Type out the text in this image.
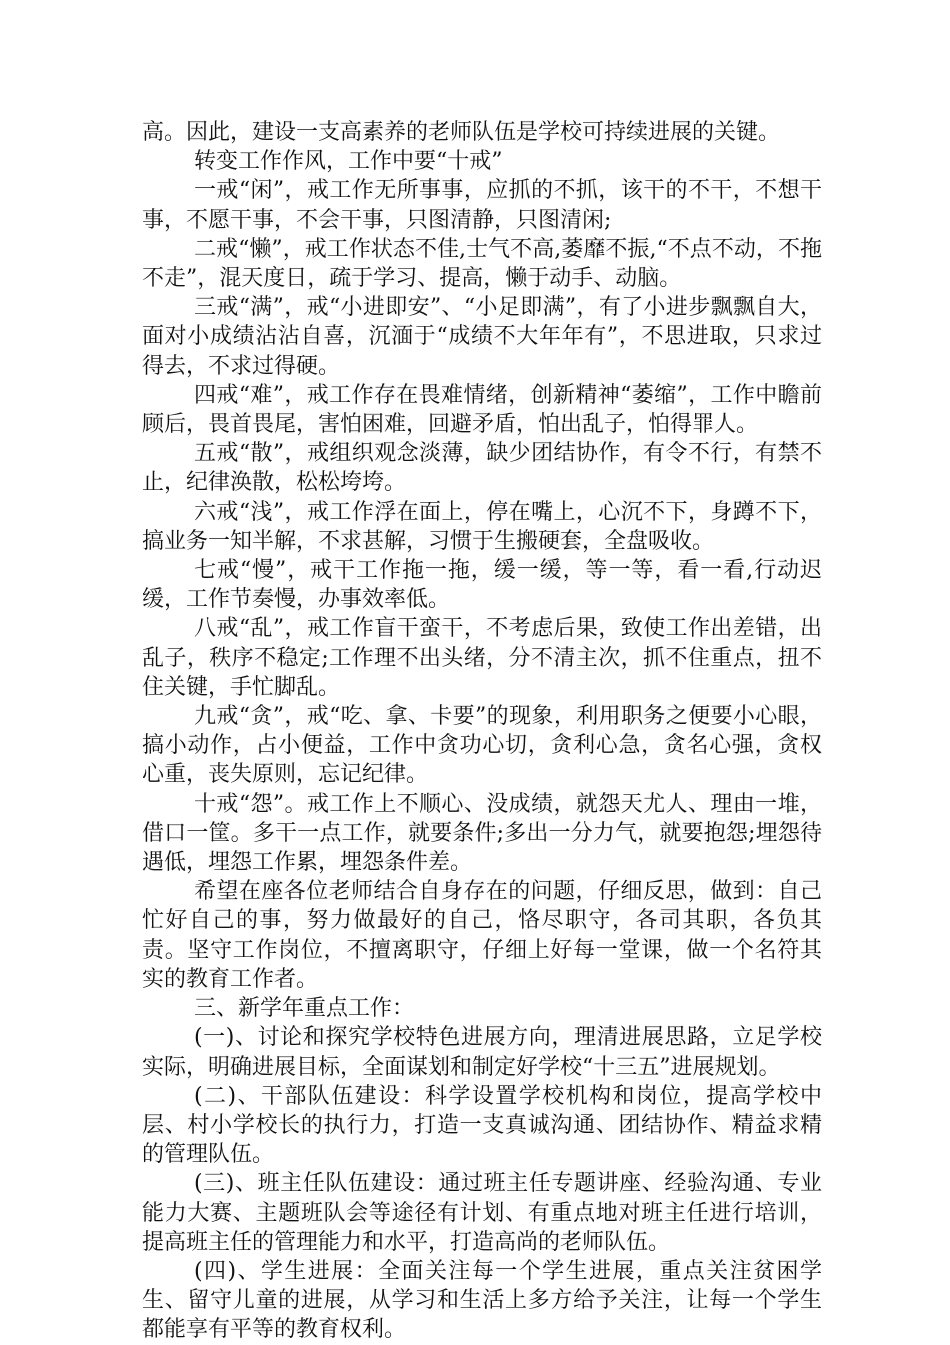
高。因此，建设一支高素养的老师队伍是学校可持续进展的关键。

转变工作作风，工作中要“十戒”

一戒“闲”，戒工作无所事事，应抓的不抓，该干的不干，不想干事，不愿干事，不会干事，只图清静，只图清闲;

二戒“懒”，戒工作状态不佳,士气不高,萎靡不振,“不点不动，不拖不走”，混天度日，疏于学习、提高，懒于动手、动脑。

三戒“满”，戒“小进即安”、“小足即满”，有了小进步飘飘自大，面对小成绩沾沾自喜，沉湎于“成绩不大年年有”，不思进取，只求过得去，不求过得硬。

四戒“难”，戒工作存在畏难情绪，创新精神“萎缩”，工作中瞻前顾后，畏首畏尾，害怕困难，回避矛盾，怕出乱子，怕得罪人。

五戒“散”，戒组织观念淡薄，缺少团结协作，有令不行，有禁不止，纪律涣散，松松垮垮。

六戒“浅”，戒工作浮在面上，停在嘴上，心沉不下，身蹲不下，搞业务一知半解，不求甚解，习惯于生搬硬套，全盘吸收。

七戒“慢”，戒干工作拖一拖，缓一缓，等一等，看一看,行动迟缓，工作节奏慢，办事效率低。

八戒“乱”，戒工作盲干蛮干，不考虑后果，致使工作出差错，出乱子，秩序不稳定;工作理不出头绪，分不清主次，抓不住重点，扭不住关键，手忙脚乱。

九戒“贪”，戒“吃、拿、卡要”的现象，利用职务之便要小心眼，搞小动作，占小便益，工作中贪功心切，贪利心急，贪名心强，贪权心重，丧失原则，忘记纪律。

十戒“怨”。戒工作上不顺心、没成绩，就怨天尤人、理由一堆，借口一筐。多干一点工作，就要条件;多出一分力气，就要抱怨;埋怨待遇低，埋怨工作累，埋怨条件差。

希望在座各位老师结合自身存在的问题，仔细反思，做到：自己忙好自己的事，努力做最好的自己，恪尽职守，各司其职，各负其责。坚守工作岗位，不擅离职守，仔细上好每一堂课，做一个名符其实的教育工作者。

三、新学年重点工作：

(一)、讨论和探究学校特色进展方向，理清进展思路，立足学校实际，明确进展目标，全面谋划和制定好学校“十三五”进展规划。

(二)、干部队伍建设：科学设置学校机构和岗位，提高学校中层、村小学校长的执行力，打造一支真诚沟通、团结协作、精益求精的管理队伍。

(三)、班主任队伍建设：通过班主任专题讲座、经验沟通、专业能力大赛、主题班队会等途径有计划、有重点地对班主任进行培训，提高班主任的管理能力和水平，打造高尚的老师队伍。

(四)、学生进展：全面关注每一个学生进展，重点关注贫困学生、留守儿童的进展，从学习和生活上多方给予关注，让每一个学生都能享有平等的教育权利。
